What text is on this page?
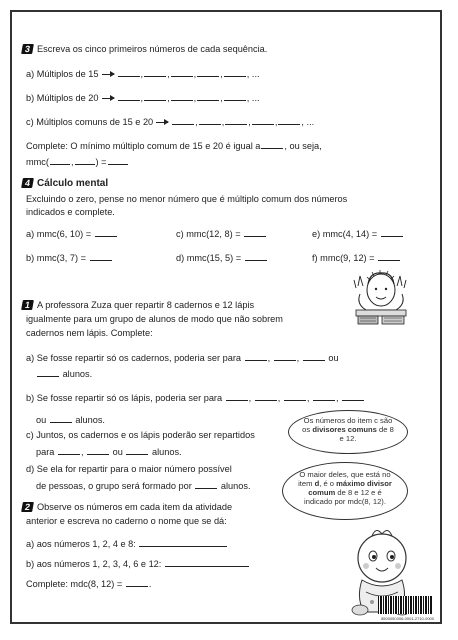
3 Escreva os cinco primeiros números de cada sequência.
a) Múltiplos de 15	,	,	,	,	, ...
b) Múltiplos de 20	,	,	,	,	, ...
c) Múltiplos comuns de 15 e 20	,	,	,	,	, ...
Complete: O mínimo múltiplo comum de 15 e 20 é igual a	, ou seja,
mmc( , ) =
4 Cálculo mental
Excluindo o zero, pense no menor número que é múltiplo comum dos números
indicados e complete.
a) mmc(6, 10) =	c) mmc(12, 8) =	e) mmc(4, 14) =
b) mmc(3, 7) =	d) mmc(15, 5) =	f) mmc(9, 12) =
1 A professora Zuza quer repartir 8 cadernos e 12 lápis
igualmente para um grupo de alunos de modo que não sobrem
cadernos nem lápis. Complete:
a) Se fosse repartir só os cadernos, poderia ser para	,	,	ou
alunos.
b) Se fosse repartir só os lápis, poderia ser para	,	,	,	,
ou	alunos.
c) Juntos, os cadernos e os lápis poderão ser repartidos
para	,	ou	alunos.
d) Se ela for repartir para o maior número possível
de pessoas, o grupo será formado por	alunos.
Os números do item c são os divisores comuns de 8 e 12.
O maior deles, que está no item d, é o máximo divisor comum de 8 e 12 e é indicado por mdc(8, 12).
2 Observe os números em cada item da atividade
anterior e escreva no caderno o nome que se dá:
a) aos números 1, 2, 4 e 8:
b) aos números 1, 2, 3, 4, 6 e 12:
Complete: mdc(8, 12) =	.
8500050306-0001-2710-0000
